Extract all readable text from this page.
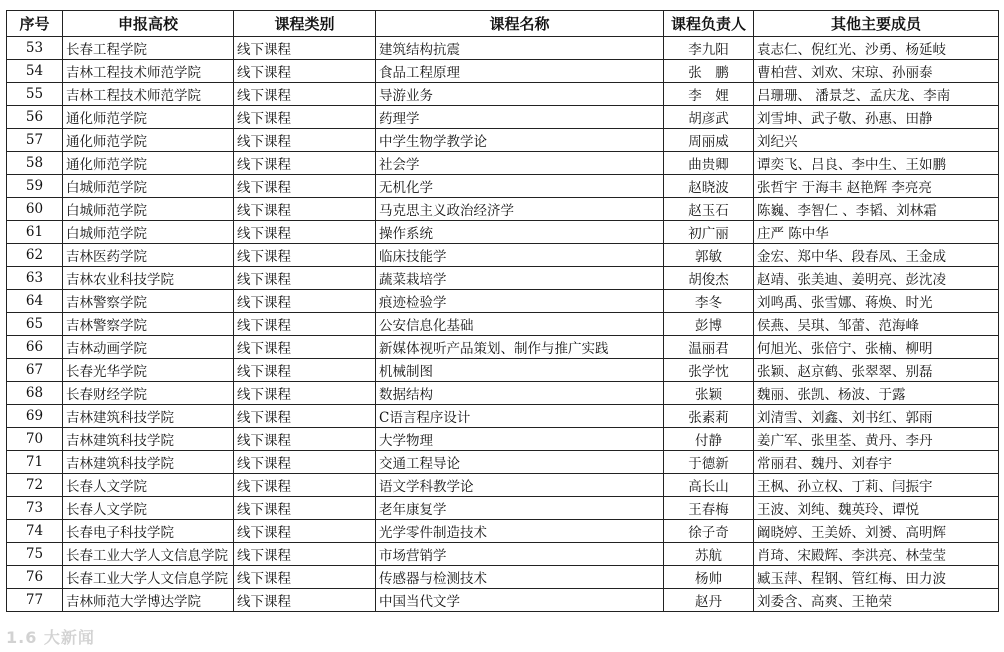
序号	申报高校	课程类别	课程名称	课程负责人	其他主要成员
53	长春工程学院	线下课程	建筑结构抗震	李九阳	袁志仁、倪红光、沙勇、杨延岐
54	吉林工程技术师范学院	线下课程	食品工程原理	张　鹏	曹柏营、刘欢、宋琼、孙丽泰
55	吉林工程技术师范学院	线下课程	导游业务	李　娌	吕珊珊、 潘景芝、孟庆龙、李南
56	通化师范学院	线下课程	药理学	胡彦武	刘雪坤、武子敬、孙惠、田静
57	通化师范学院	线下课程	中学生物学教学论	周丽威	刘纪兴
58	通化师范学院	线下课程	社会学	曲贵卿	谭奕飞、吕良、李中生、王如鹏
59	白城师范学院	线下课程	无机化学	赵晓波	张哲宇 于海丰 赵艳辉 李亮亮
60	白城师范学院	线下课程	马克思主义政治经济学	赵玉石	陈巍、李智仁 、李韬、刘林霜
61	白城师范学院	线下课程	操作系统	初广丽	庄严 陈中华
62	吉林医药学院	线下课程	临床技能学	郭敏	金宏、郑中华、段春凤、王金成
63	吉林农业科技学院	线下课程	蔬菜栽培学	胡俊杰	赵靖、张美迪、姜明亮、彭沈凌
64	吉林警察学院	线下课程	痕迹检验学	李冬	刘鸣禹、张雪娜、蒋焕、时光
65	吉林警察学院	线下课程	公安信息化基础	彭博	侯燕、吴琪、邹蕾、范海峰
66	吉林动画学院	线下课程	新媒体视听产品策划、制作与推广实践	温丽君	何旭光、张倍宁、张楠、柳明
67	长春光华学院	线下课程	机械制图	张学忱	张颖、赵京鹤、张翠翠、别磊
68	长春财经学院	线下课程	数据结构	张颖	魏丽、张凯、杨波、于露
69	吉林建筑科技学院	线下课程	C语言程序设计	张素莉	刘清雪、刘鑫、刘书红、郭雨
70	吉林建筑科技学院	线下课程	大学物理	付静	姜广军、张里荃、黄丹、李丹
71	吉林建筑科技学院	线下课程	交通工程导论	于德新	常丽君、魏丹、刘春宇
72	长春人文学院	线下课程	语文学科教学论	高长山	王枫、孙立权、丁莉、闫振宇
73	长春人文学院	线下课程	老年康复学	王春梅	王波、刘纯、魏英玲、谭悦
74	长春电子科技学院	线下课程	光学零件制造技术	徐子奇	阚晓婷、王美娇、刘赟、高明辉
75	长春工业大学人文信息学院	线下课程	市场营销学	苏航	肖琦、宋殿辉、李洪亮、林莹莹
76	长春工业大学人文信息学院	线下课程	传感器与检测技术	杨帅	臧玉萍、程钢、管红梅、田力波
77	吉林师范大学博达学院	线下课程	中国当代文学	赵丹	刘委含、高爽、王艳荣
1.6 大新闻
